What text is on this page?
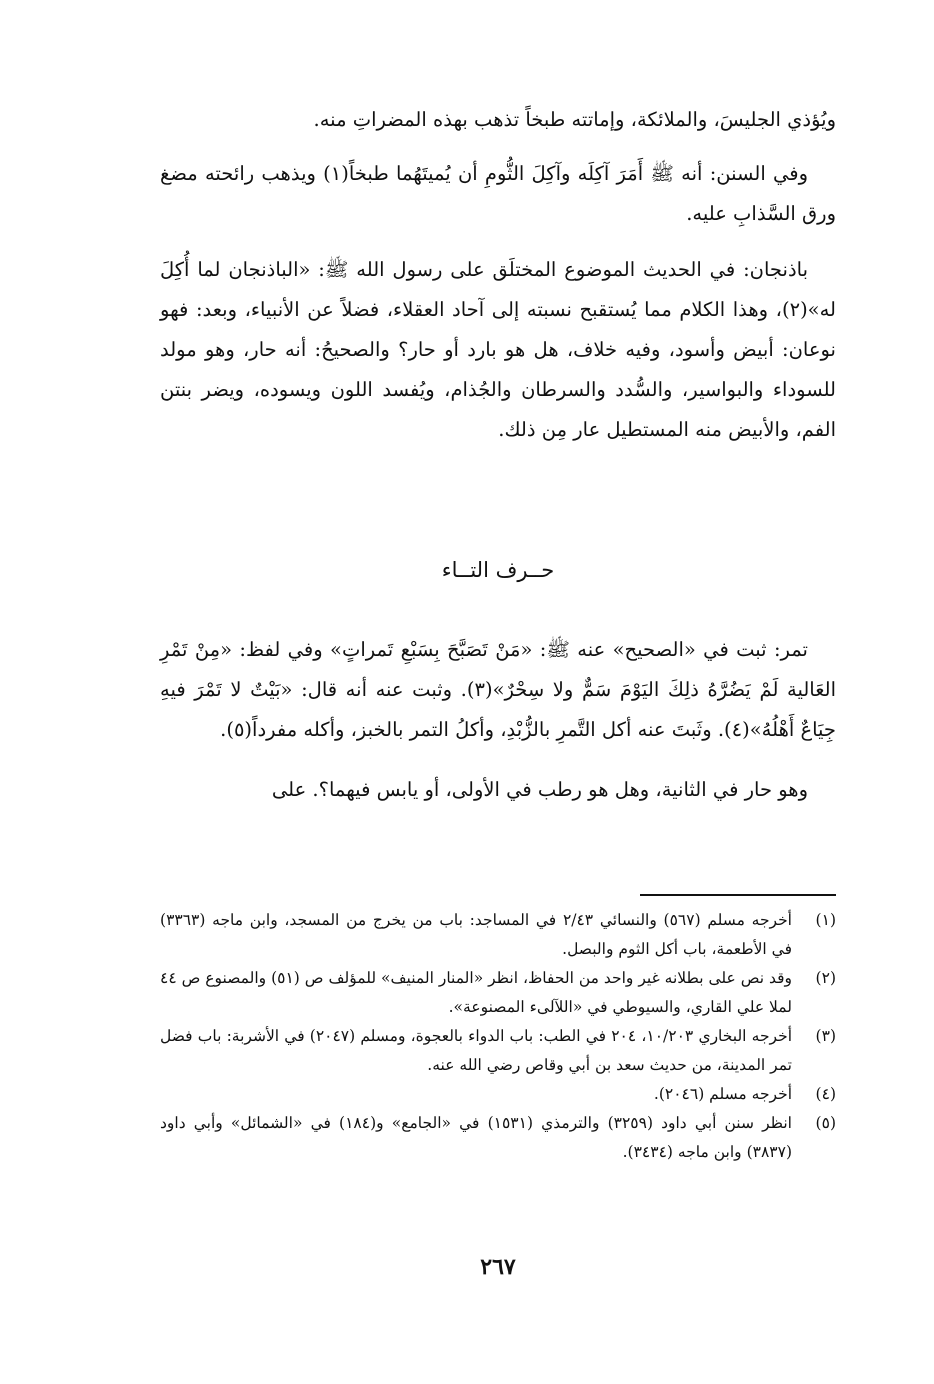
ويُؤذي الجليسَ، والملائكة، وإماتته طبخاً تذهب بهذه المضراتِ منه.

وفي السنن: أنه ﷺ أَمَرَ آكِلَه وآكِلَ الثُّومِ أن يُميتَهُما طبخاً(١) ويذهب رائحته مضغ ورق السَّذابِ عليه.

باذنجان: في الحديث الموضوع المختلَق على رسول الله ﷺ: «الباذنجان لما أُكِلَ له»(٢)، وهذا الكلام مما يُستقبح نسبته إلى آحاد العقلاء، فضلاً عن الأنبياء، وبعد: فهو نوعان: أبيض وأسود، وفيه خلاف، هل هو بارد أو حار؟ والصحيحُ: أنه حار، وهو مولد للسوداء والبواسير، والسُّدد والسرطان والجُذام، ويُفسد اللون ويسوده، ويضر بنتن الفم، والأبيض منه المستطيل عار مِن ذلك.

حــرف التــاء

تمر: ثبت في «الصحيح» عنه ﷺ: «مَنْ تَصَبَّحَ بِسَبْعِ تَمراتٍ» وفي لفظ: «مِنْ تَمْرِ العَالية لَمْ يَضُرَّهُ ذلِكَ اليَوْمَ سَمٌّ ولا سِحْرٌ»(٣). وثبت عنه أنه قال: «بَيْتٌ لا تَمْرَ فيهِ جِيَاعٌ أَهْلُهُ»(٤). وثَبتَ عنه أكل التَّمرِ بالزُّبْدِ، وأكلُ التمر بالخبز، وأكله مفرداً(٥).

وهو حار في الثانية، وهل هو رطب في الأولى، أو يابس فيهما؟. على

(١)
أخرجه مسلم (٥٦٧) والنسائي ٢/٤٣ في المساجد: باب من يخرج من المسجد، وابن ماجه (٣٣٦٣) في الأطعمة، باب أكل الثوم والبصل.
(٢)
وقد نص على بطلانه غير واحد من الحفاظ، انظر «المنار المنيف» للمؤلف ص (٥١) والمصنوع ص ٤٤ لملا علي القاري، والسيوطي في «اللآلىء المصنوعة».
(٣)
أخرجه البخاري ١٠/٢٠٣، ٢٠٤ في الطب: باب الدواء بالعجوة، ومسلم (٢٠٤٧) في الأشربة: باب فضل تمر المدينة، من حديث سعد بن أبي وقاص رضي الله عنه.
(٤)
أخرجه مسلم (٢٠٤٦).
(٥)
انظر سنن أبي داود (٣٢٥٩) والترمذي (١٥٣١) في «الجامع» و(١٨٤) في «الشمائل» وأبي داود (٣٨٣٧) وابن ماجه (٣٤٣٤).
٢٦٧
